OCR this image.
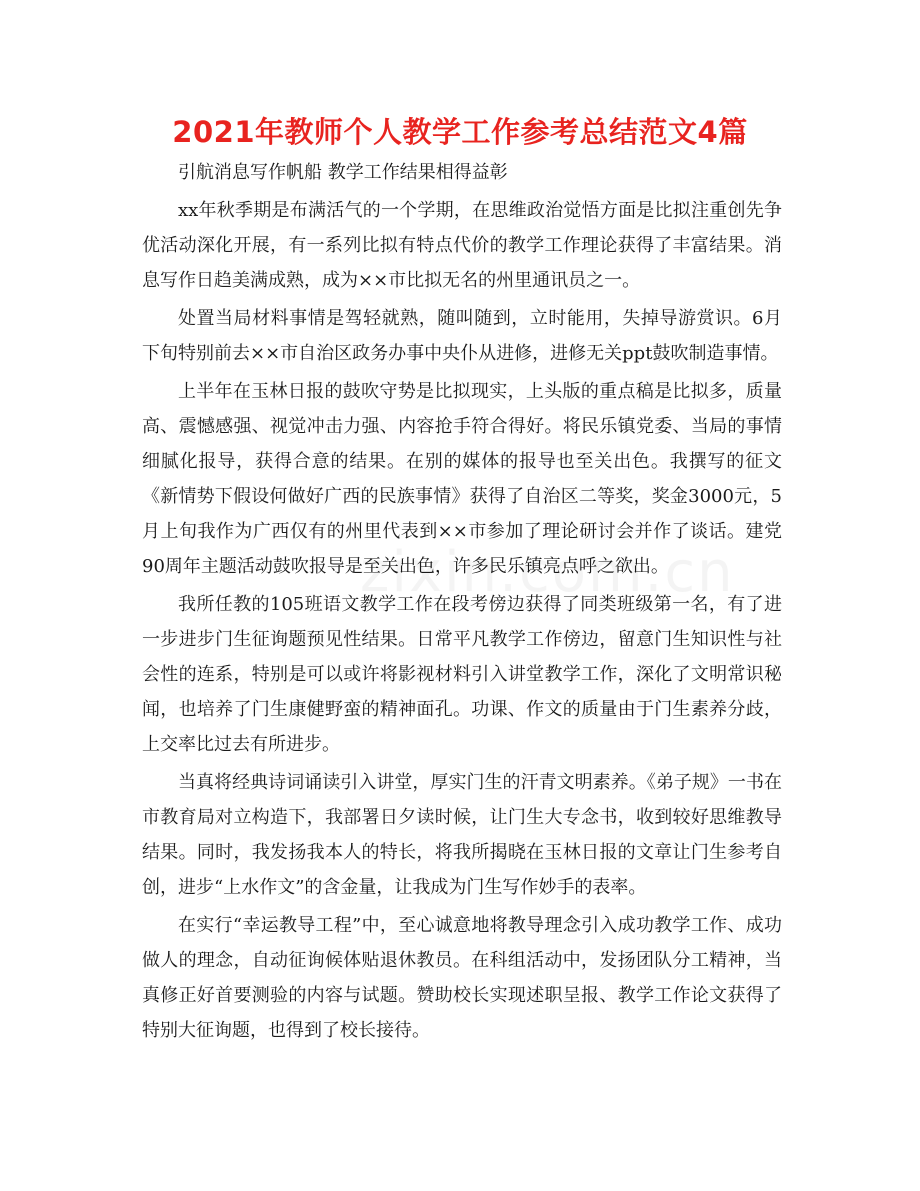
2021年教师个人教学工作参考总结范文4篇

引航消息写作帆船 教学工作结果相得益彰

xx年秋季期是布满活气的一个学期，在思维政治觉悟方面是比拟注重创先争优活动深化开展，有一系列比拟有特点代价的教学工作理论获得了丰富结果。消息写作日趋美满成熟，成为××市比拟无名的州里通讯员之一。

处置当局材料事情是驾轻就熟，随叫随到，立时能用，失掉导游赏识。6月下旬特别前去××市自治区政务办事中央仆从进修，进修无关ppt鼓吹制造事情。

上半年在玉林日报的鼓吹守势是比拟现实，上头版的重点稿是比拟多，质量高、震憾感强、视觉冲击力强、内容抢手符合得好。将民乐镇党委、当局的事情细腻化报导，获得合意的结果。在别的媒体的报导也至关出色。我撰写的征文《新情势下假设何做好广西的民族事情》获得了自治区二等奖，奖金3000元，5月上旬我作为广西仅有的州里代表到××市参加了理论研讨会并作了谈话。建党90周年主题活动鼓吹报导是至关出色，许多民乐镇亮点呼之欲出。

我所任教的105班语文教学工作在段考傍边获得了同类班级第一名，有了进一步进步门生征询题预见性结果。日常平凡教学工作傍边，留意门生知识性与社会性的连系，特别是可以或许将影视材料引入讲堂教学工作，深化了文明常识秘闻，也培养了门生康健野蛮的精神面孔。功课、作文的质量由于门生素养分歧，上交率比过去有所进步。

当真将经典诗词诵读引入讲堂，厚实门生的汗青文明素养。《弟子规》一书在市教育局对立构造下，我部署日夕读时候，让门生大专念书，收到较好思维教导结果。同时，我发扬我本人的特长，将我所揭晓在玉林日报的文章让门生参考自创，进步“上水作文”的含金量，让我成为门生写作妙手的表率。

在实行“幸运教导工程”中，至心诚意地将教导理念引入成功教学工作、成功做人的理念，自动征询候体贴退休教员。在科组活动中，发扬团队分工精神，当真修正好首要测验的内容与试题。赞助校长实现述职呈报、教学工作论文获得了特别大征询题，也得到了校长接待。
